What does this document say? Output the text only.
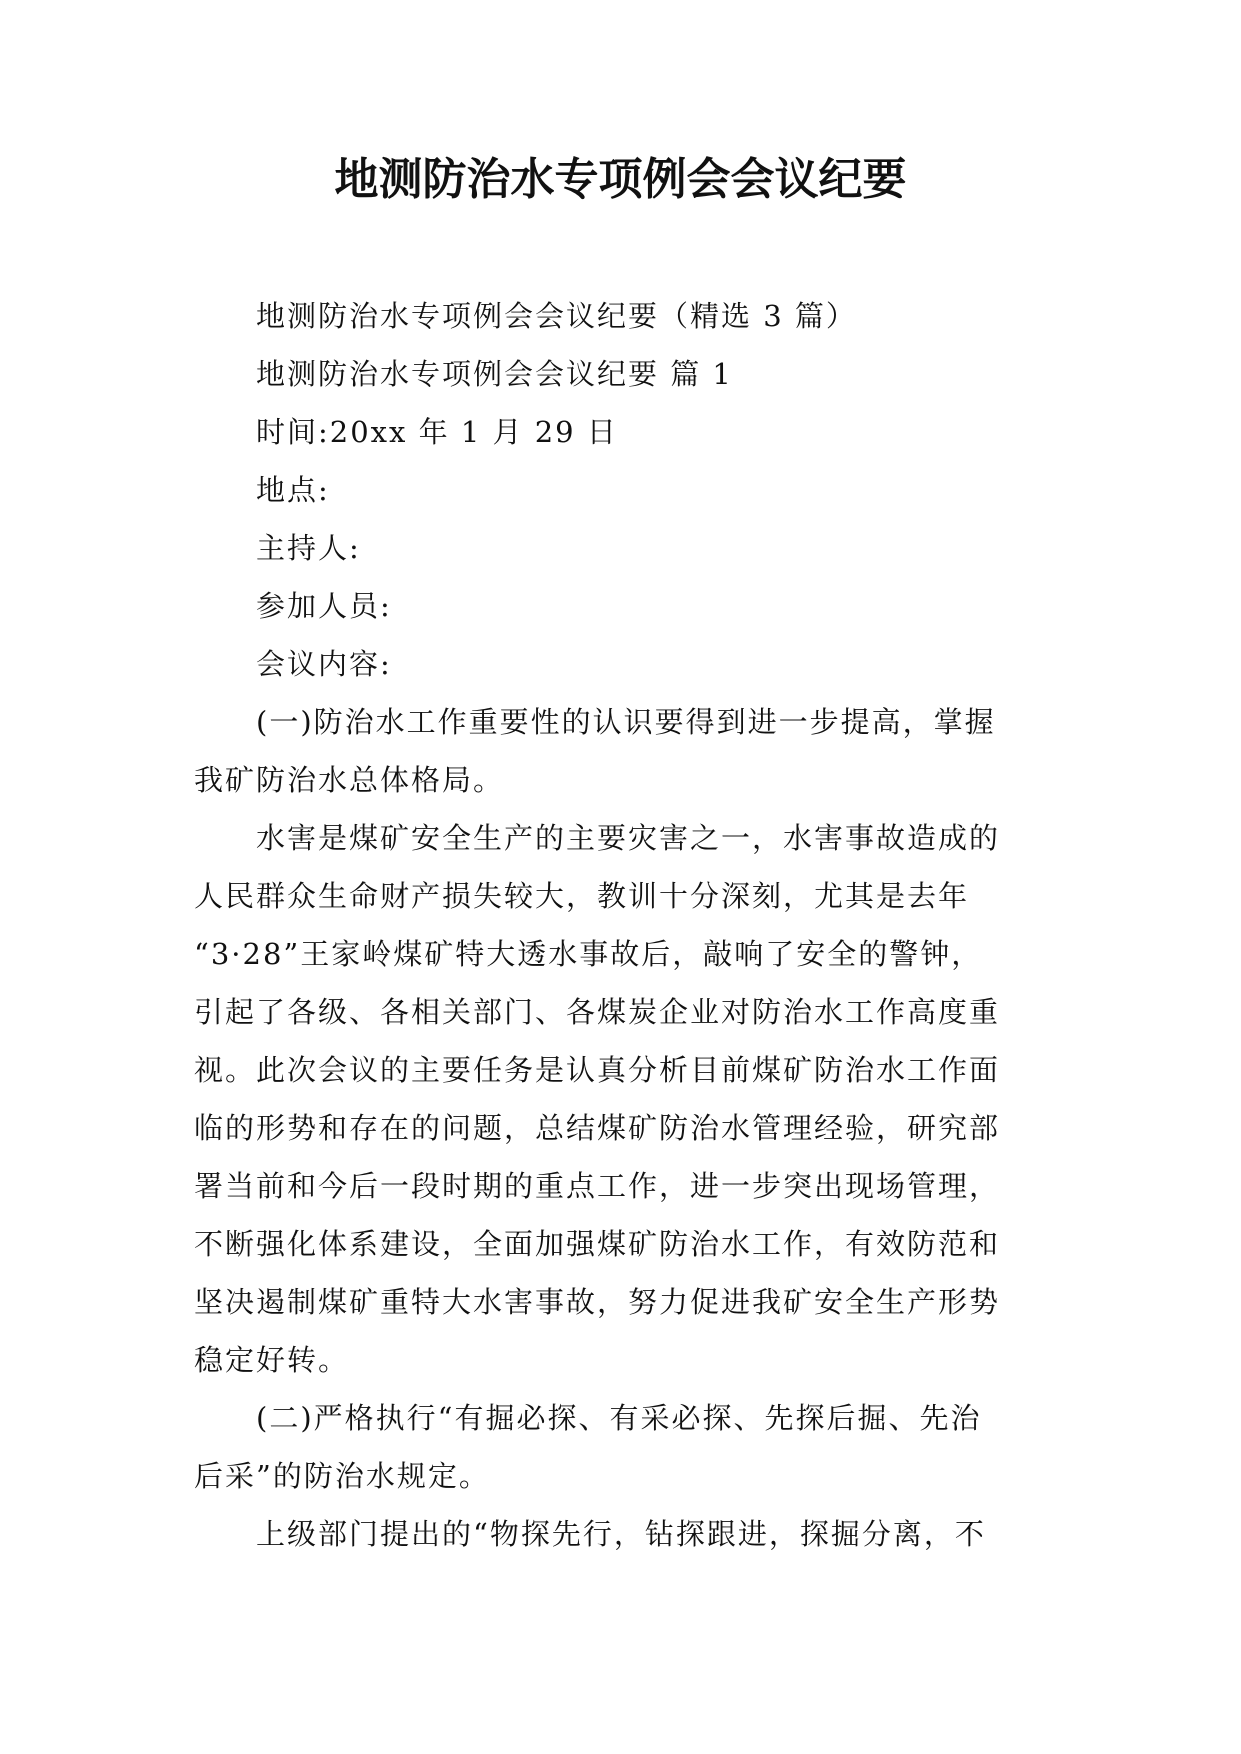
地测防治水专项例会会议纪要

地测防治水专项例会会议纪要（精选 3 篇）

地测防治水专项例会会议纪要 篇 1

时间:20xx 年 1 月 29 日

地点:

主持人:

参加人员:

会议内容:

(一)防治水工作重要性的认识要得到进一步提高，掌握

我矿防治水总体格局。

水害是煤矿安全生产的主要灾害之一，水害事故造成的

人民群众生命财产损失较大，教训十分深刻，尤其是去年

“3·28”王家岭煤矿特大透水事故后，敲响了安全的警钟，

引起了各级、各相关部门、各煤炭企业对防治水工作高度重

视。此次会议的主要任务是认真分析目前煤矿防治水工作面

临的形势和存在的问题，总结煤矿防治水管理经验，研究部

署当前和今后一段时期的重点工作，进一步突出现场管理，

不断强化体系建设，全面加强煤矿防治水工作，有效防范和

坚决遏制煤矿重特大水害事故，努力促进我矿安全生产形势

稳定好转。

(二)严格执行“有掘必探、有采必探、先探后掘、先治

后采”的防治水规定。

上级部门提出的“物探先行，钻探跟进，探掘分离，不
